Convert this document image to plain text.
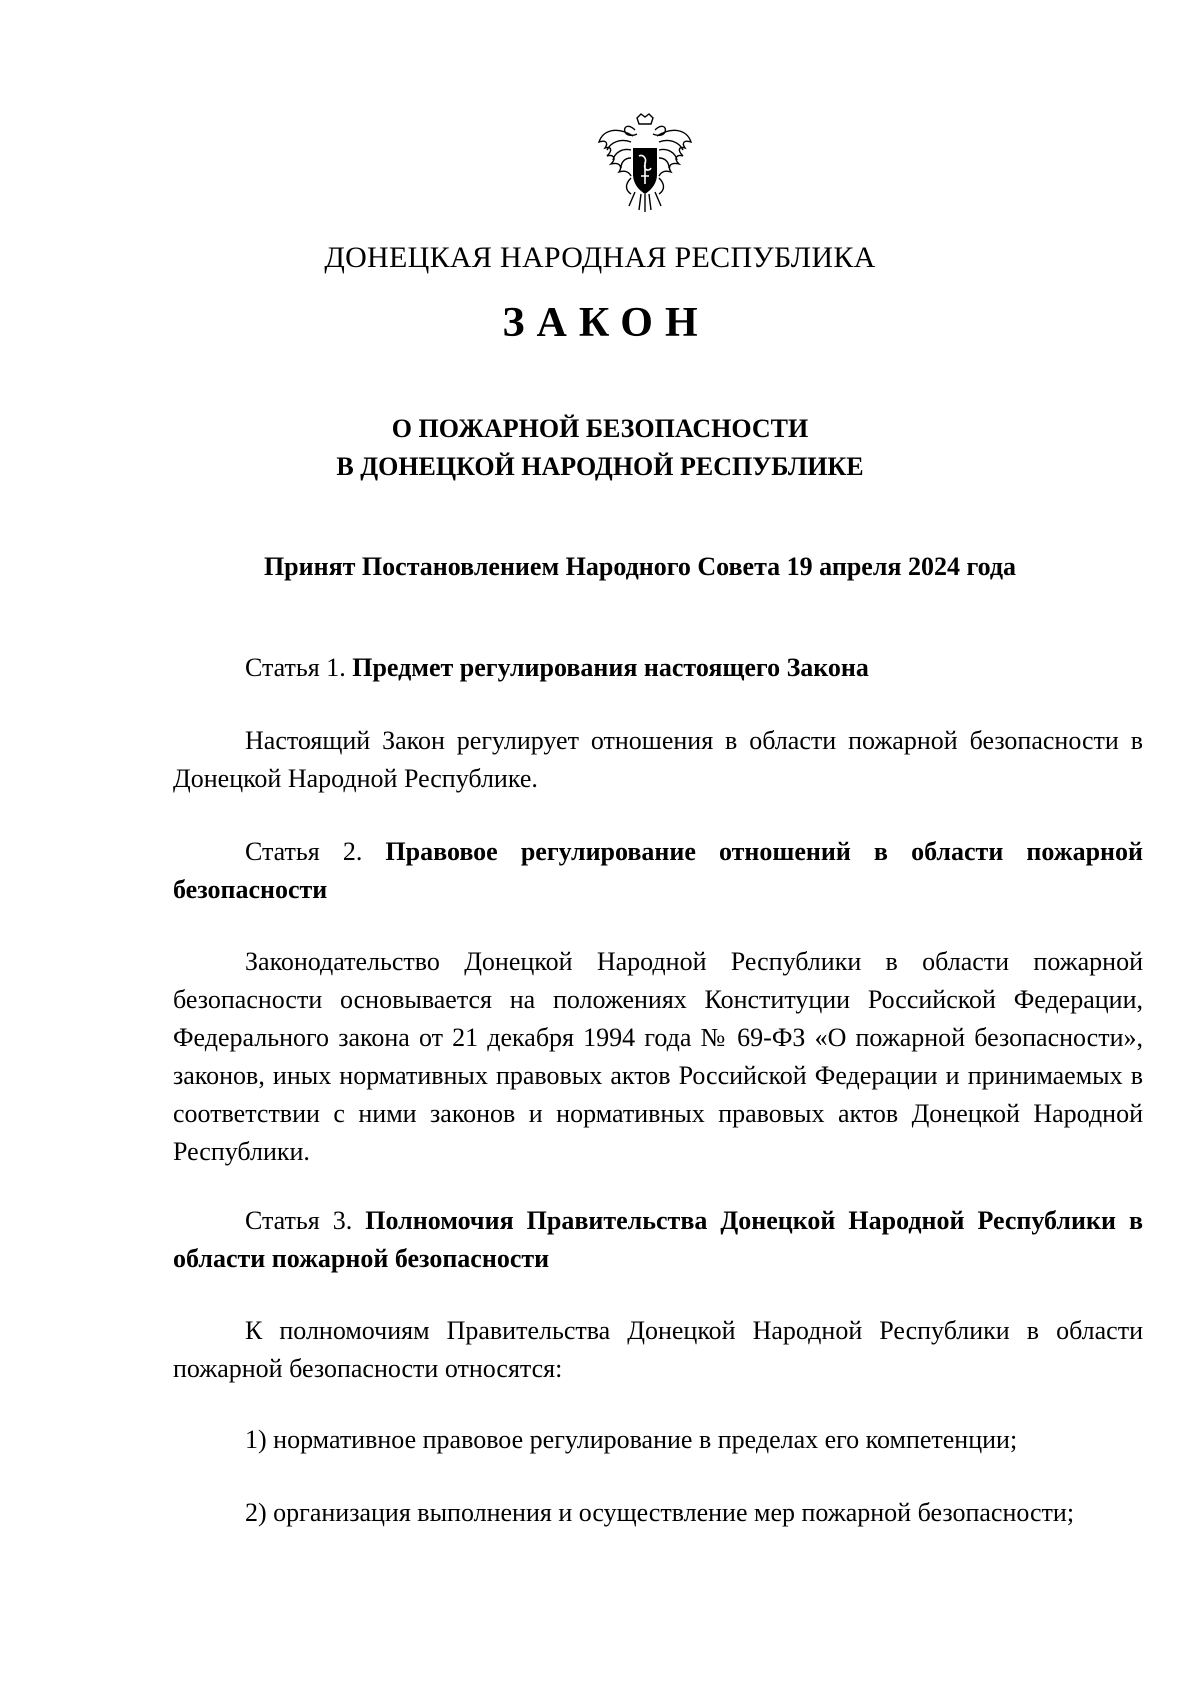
ДОНЕЦКАЯ НАРОДНАЯ РЕСПУБЛИКА
ЗАКОН
О ПОЖАРНОЙ БЕЗОПАСНОСТИ
В ДОНЕЦКОЙ НАРОДНОЙ РЕСПУБЛИКЕ
Принят Постановлением Народного Совета 19 апреля 2024 года
Статья 1. Предмет регулирования настоящего Закона

Настоящий Закон регулирует отношения в области пожарной безопасности в Донецкой Народной Республике.

Статья 2. Правовое регулирование отношений в области пожарной безопасности

Законодательство Донецкой Народной Республики в области пожарной безопасности основывается на положениях Конституции Российской Федерации, Федерального закона от 21 декабря 1994 года № 69-ФЗ «О пожарной безопасности», законов, иных нормативных правовых актов Российской Федерации и принимаемых в соответствии с ними законов и нормативных правовых актов Донецкой Народной Республики.

Статья 3. Полномочия Правительства Донецкой Народной Республики в области пожарной безопасности

К полномочиям Правительства Донецкой Народной Республики в области пожарной безопасности относятся:

1) нормативное правовое регулирование в пределах его компетенции;

2) организация выполнения и осуществление мер пожарной безопасности;
